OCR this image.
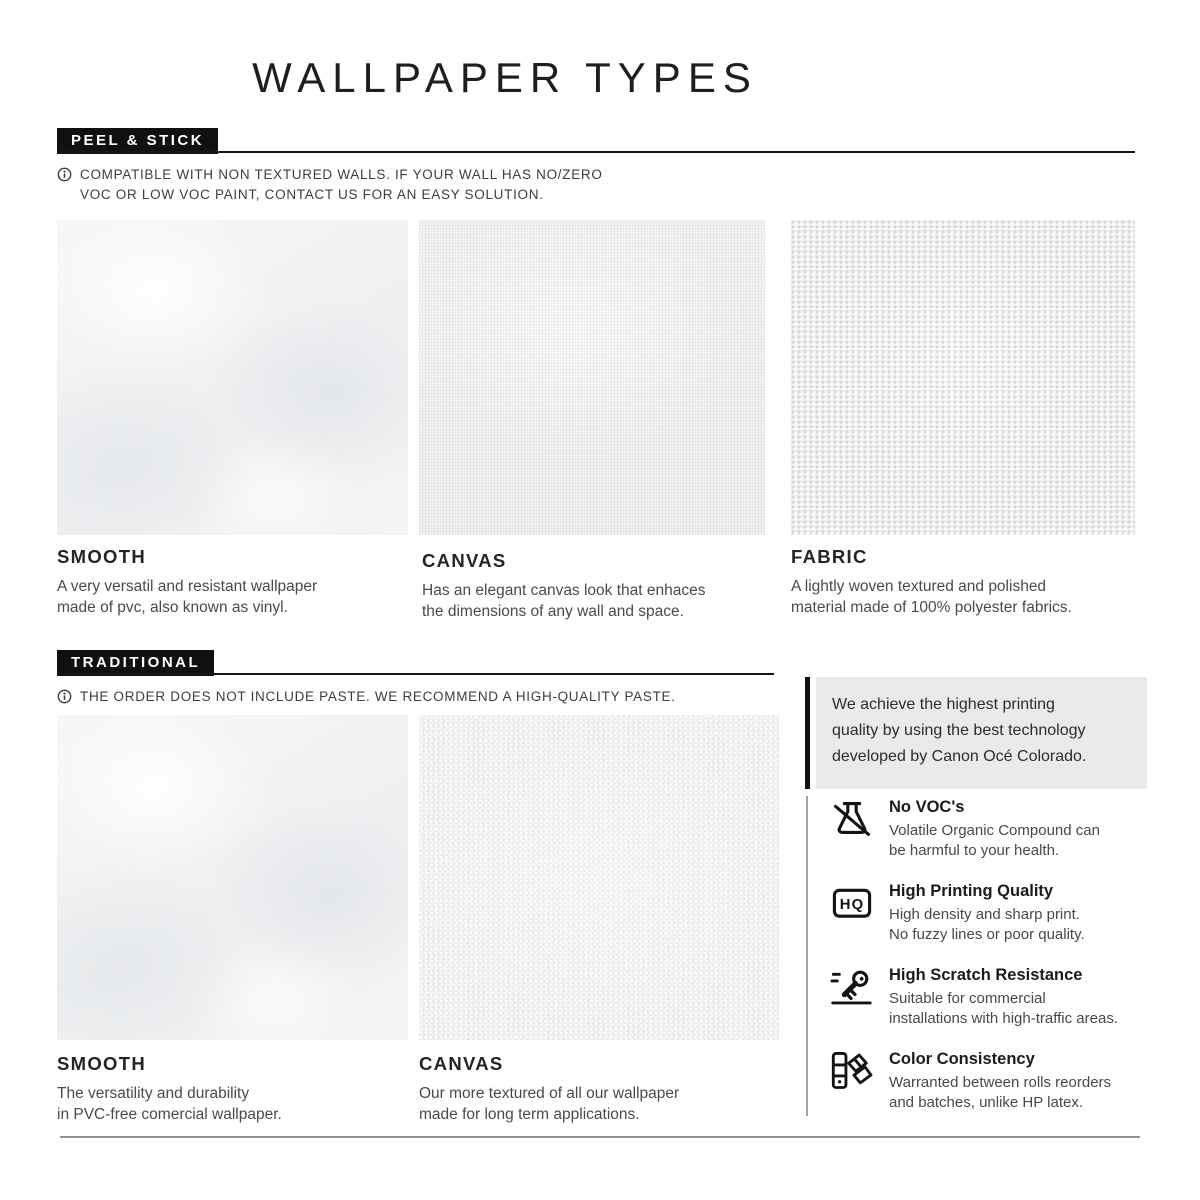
WALLPAPER TYPES
PEEL & STICK
COMPATIBLE WITH NON TEXTURED WALLS. IF YOUR WALL HAS NO/ZERO
VOC OR LOW VOC PAINT, CONTACT US FOR AN EASY SOLUTION.
SMOOTH
A very versatil and resistant wallpaper
made of pvc, also known as vinyl.
CANVAS
Has an elegant canvas look that enhaces
the dimensions of any wall and space.
FABRIC
A lightly woven textured and polished
material made of 100% polyester fabrics.
TRADITIONAL
THE ORDER DOES NOT INCLUDE PASTE. WE RECOMMEND A HIGH-QUALITY PASTE.
SMOOTH
The versatility and durability
in PVC-free comercial wallpaper.
CANVAS
Our more textured of all our wallpaper
made for long term applications.
We achieve the highest printing
quality by using the best technology
developed by Canon Océ Colorado.
No VOC's
Volatile Organic Compound can
be harmful to your health.
HQ
High Printing Quality
High density and sharp print.
No fuzzy lines or poor quality.
High Scratch Resistance
Suitable for commercial
installations with high-traffic areas.
Color Consistency
Warranted between rolls reorders
and batches, unlike HP latex.
